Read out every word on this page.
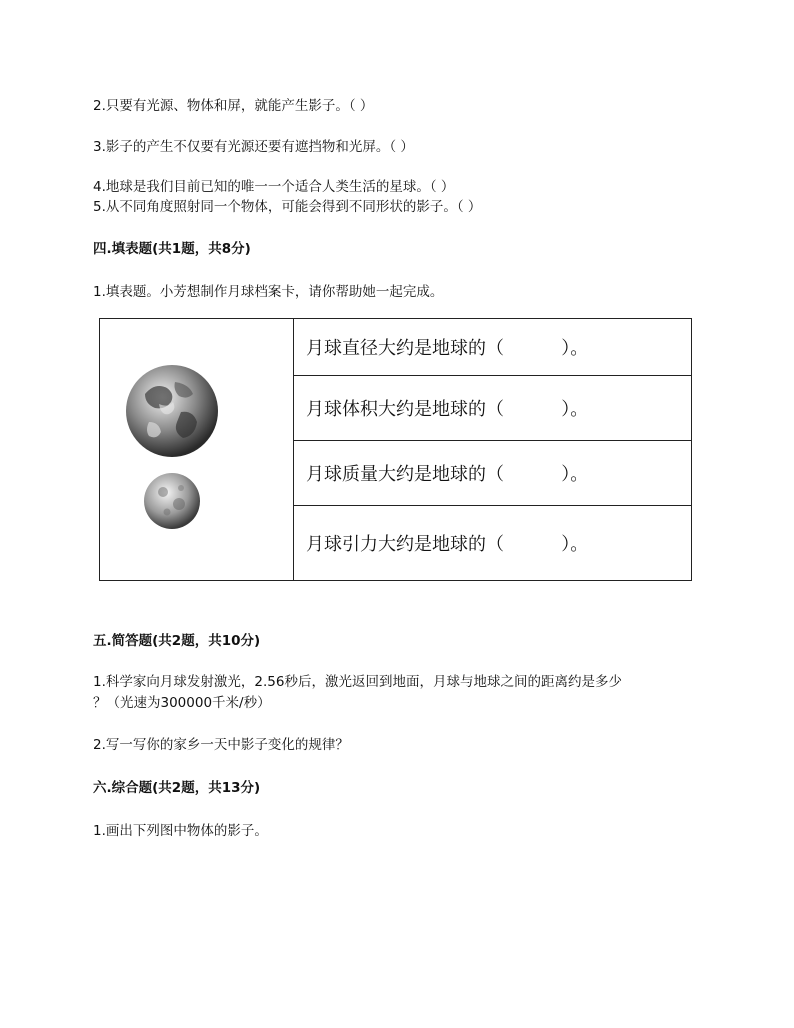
2.只要有光源、物体和屏，就能产生影子。（ ）
3.影子的产生不仅要有光源还要有遮挡物和光屏。（ ）
4.地球是我们目前已知的唯一一个适合人类生活的星球。（ ）
5.从不同角度照射同一个物体，可能会得到不同形状的影子。（ ）
四.填表题(共1题，共8分)
1.填表题。小芳想制作月球档案卡，请你帮助她一起完成。
	月球直径大约是地球的（          ）。
月球体积大约是地球的（          ）。
月球质量大约是地球的（          ）。
月球引力大约是地球的（          ）。
五.简答题(共2题，共10分)
1.科学家向月球发射激光，2.56秒后，激光返回到地面，月球与地球之间的距离约是多少
？（光速为300000千米/秒）
2.写一写你的家乡一天中影子变化的规律？
六.综合题(共2题，共13分)
1.画出下列图中物体的影子。
